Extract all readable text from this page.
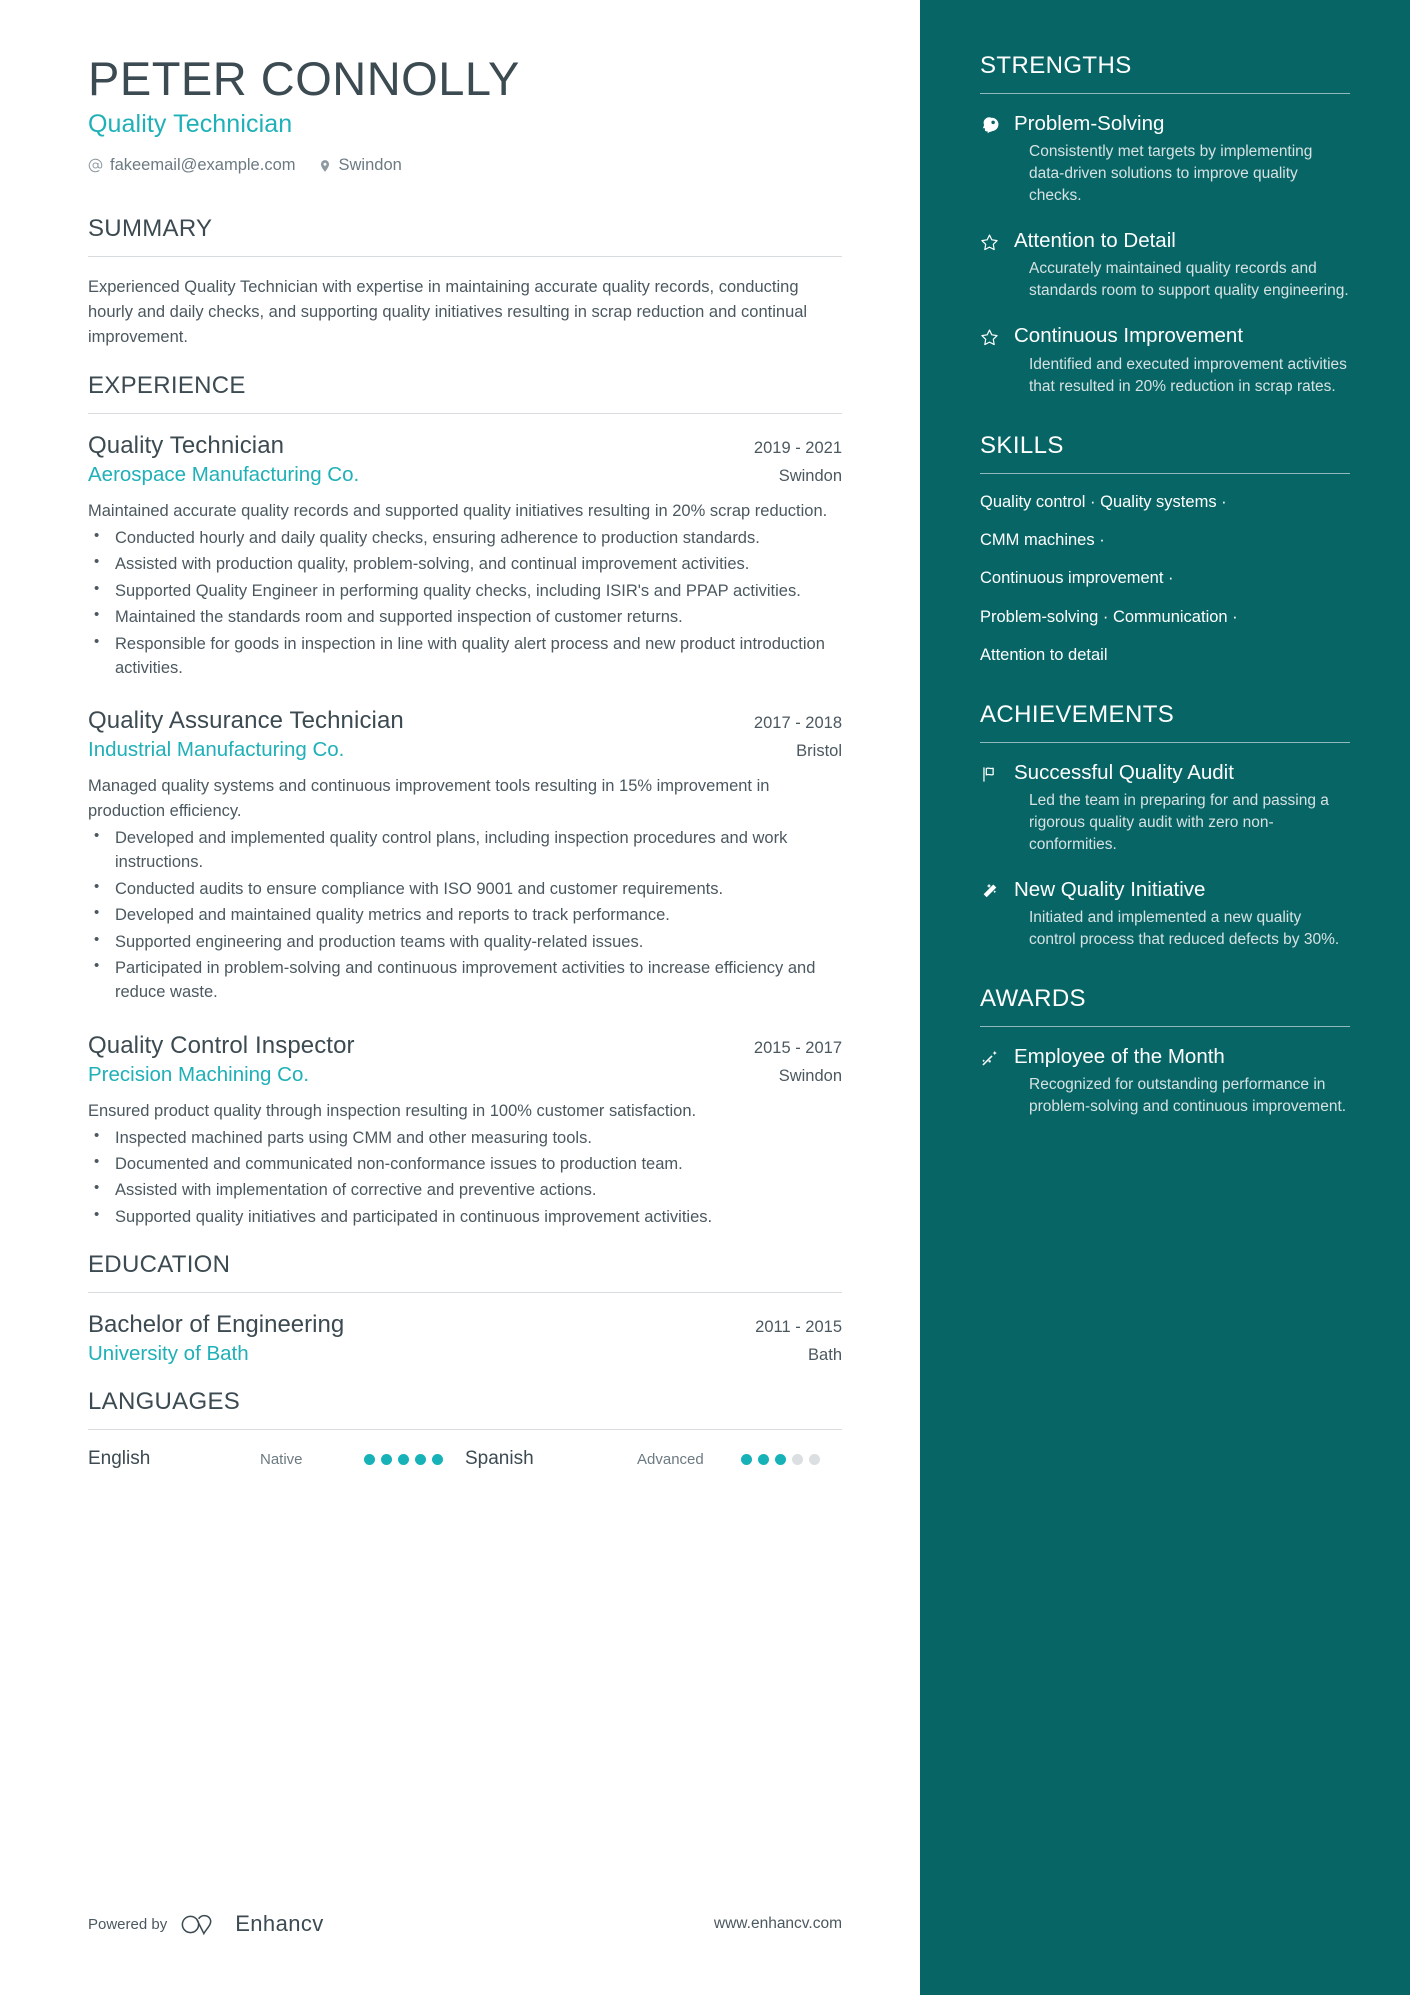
PETER CONNOLLY
Quality Technician
fakeemail@example.com	Swindon
SUMMARY

Experienced Quality Technician with expertise in maintaining accurate quality records, conducting hourly and daily checks, and supporting quality initiatives resulting in scrap reduction and continual improvement.

EXPERIENCE
Quality Technician	2019 - 2021
Aerospace Manufacturing Co.	Swindon

Maintained accurate quality records and supported quality initiatives resulting in 20% scrap reduction.

• Conducted hourly and daily quality checks, ensuring adherence to production standards.
• Assisted with production quality, problem-solving, and continual improvement activities.
• Supported Quality Engineer in performing quality checks, including ISIR's and PPAP activities.
• Maintained the standards room and supported inspection of customer returns.
• Responsible for goods in inspection in line with quality alert process and new product introduction activities.
Quality Assurance Technician	2017 - 2018
Industrial Manufacturing Co.	Bristol

Managed quality systems and continuous improvement tools resulting in 15% improvement in production efficiency.

• Developed and implemented quality control plans, including inspection procedures and work instructions.
• Conducted audits to ensure compliance with ISO 9001 and customer requirements.
• Developed and maintained quality metrics and reports to track performance.
• Supported engineering and production teams with quality-related issues.
• Participated in problem-solving and continuous improvement activities to increase efficiency and reduce waste.
Quality Control Inspector	2015 - 2017
Precision Machining Co.	Swindon

Ensured product quality through inspection resulting in 100% customer satisfaction.

• Inspected machined parts using CMM and other measuring tools.
• Documented and communicated non-conformance issues to production team.
• Assisted with implementation of corrective and preventive actions.
• Supported quality initiatives and participated in continuous improvement activities.
EDUCATION
Bachelor of Engineering	2011 - 2015
University of Bath	Bath
LANGUAGES
English	Native	Spanish	Advanced
Powered by	Enhancv	www.enhancv.com
STRENGTHS
Problem-Solving
Consistently met targets by implementing data-driven solutions to improve quality checks.
Attention to Detail
Accurately maintained quality records and standards room to support quality engineering.
Continuous Improvement
Identified and executed improvement activities that resulted in 20% reduction in scrap rates.
SKILLS
Quality control · Quality systems ·
CMM machines ·
Continuous improvement ·
Problem-solving · Communication ·
Attention to detail
ACHIEVEMENTS
Successful Quality Audit
Led the team in preparing for and passing a rigorous quality audit with zero non-conformities.
New Quality Initiative
Initiated and implemented a new quality control process that reduced defects by 30%.
AWARDS
Employee of the Month
Recognized for outstanding performance in problem-solving and continuous improvement.
